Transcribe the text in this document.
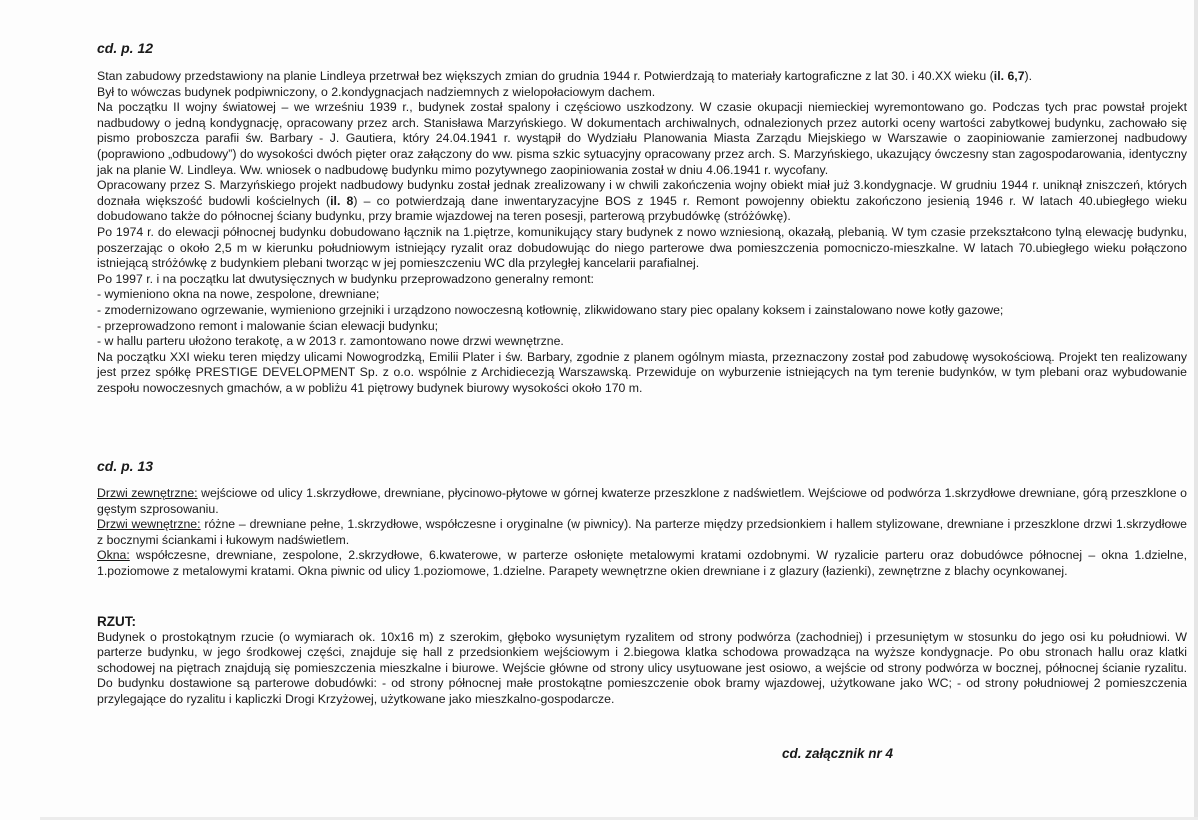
cd. p. 12

Stan zabudowy przedstawiony na planie Lindleya przetrwał bez większych zmian do grudnia 1944 r. Potwierdzają to materiały kartograficzne z lat 30. i 40.XX wieku (il. 6,7).

Był to wówczas budynek podpiwniczony, o 2.kondygnacjach nadziemnych z wielopołaciowym dachem.

Na początku II wojny światowej – we wrześniu 1939 r., budynek został spalony i częściowo uszkodzony. W czasie okupacji niemieckiej wyremontowano go. Podczas tych prac powstał projekt nadbudowy o jedną kondygnację, opracowany przez arch. Stanisława Marzyńskiego. W dokumentach archiwalnych, odnalezionych przez autorki oceny wartości zabytkowej budynku, zachowało się pismo proboszcza parafii św. Barbary - J. Gautiera, który 24.04.1941 r. wystąpił do Wydziału Planowania Miasta Zarządu Miejskiego w Warszawie o zaopiniowanie zamierzonej nadbudowy (poprawiono „odbudowy”) do wysokości dwóch pięter oraz załączony do ww. pisma szkic sytuacyjny opracowany przez arch. S. Marzyńskiego, ukazujący ówczesny stan zagospodarowania, identyczny jak na planie W. Lindleya. Ww. wniosek o nadbudowę budynku mimo pozytywnego zaopiniowania został w dniu 4.06.1941 r. wycofany.

Opracowany przez S. Marzyńskiego projekt nadbudowy budynku został jednak zrealizowany i w chwili zakończenia wojny obiekt miał już 3.kondygnacje. W grudniu 1944 r. uniknął zniszczeń, których doznała większość budowli kościelnych (il. 8) – co potwierdzają dane inwentaryzacyjne BOS z 1945 r. Remont powojenny obiektu zakończono jesienią 1946 r. W latach 40.ubiegłego wieku dobudowano także do północnej ściany budynku, przy bramie wjazdowej na teren posesji, parterową przybudówkę (stróżówkę).

Po 1974 r. do elewacji północnej budynku dobudowano łącznik na 1.piętrze, komunikujący stary budynek z nowo wzniesioną, okazałą, plebanią. W tym czasie przekształcono tylną elewację budynku, poszerzając o około 2,5 m w kierunku południowym istniejący ryzalit oraz dobudowując do niego parterowe dwa pomieszczenia pomocniczo-mieszkalne. W latach 70.ubiegłego wieku połączono istniejącą stróżówkę z budynkiem plebani tworząc w jej pomieszczeniu WC dla przyległej kancelarii parafialnej.

Po 1997 r. i na początku lat dwutysięcznych w budynku przeprowadzono generalny remont:

- wymieniono okna na nowe, zespolone, drewniane;

- zmodernizowano ogrzewanie, wymieniono grzejniki i urządzono nowoczesną kotłownię, zlikwidowano stary piec opalany koksem i zainstalowano nowe kotły gazowe;

- przeprowadzono remont i malowanie ścian elewacji budynku;

- w hallu parteru ułożono terakotę, a w 2013 r. zamontowano nowe drzwi wewnętrzne.

Na początku XXI wieku teren między ulicami Nowogrodzką, Emilii Plater i św. Barbary, zgodnie z planem ogólnym miasta, przeznaczony został pod zabudowę wysokościową. Projekt ten realizowany jest przez spółkę PRESTIGE DEVELOPMENT Sp. z o.o. wspólnie z Archidiecezją Warszawską. Przewiduje on wyburzenie istniejących na tym terenie budynków, w tym plebani oraz wybudowanie zespołu nowoczesnych gmachów, a w pobliżu 41 piętrowy budynek biurowy wysokości około 170 m.

cd. p. 13

Drzwi zewnętrzne: wejściowe od ulicy 1.skrzydłowe, drewniane, płycinowo-płytowe w górnej kwaterze przeszklone z nadświetlem. Wejściowe od podwórza 1.skrzydłowe drewniane, górą przeszklone o gęstym szprosowaniu.

Drzwi wewnętrzne: różne – drewniane pełne, 1.skrzydłowe, współczesne i oryginalne (w piwnicy). Na parterze między przedsionkiem i hallem stylizowane, drewniane i przeszklone drzwi 1.skrzydłowe z bocznymi ściankami i łukowym nadświetlem.

Okna: współczesne, drewniane, zespolone, 2.skrzydłowe, 6.kwaterowe, w parterze osłonięte metalowymi kratami ozdobnymi. W ryzalicie parteru oraz dobudówce północnej – okna 1.dzielne, 1.poziomowe z metalowymi kratami. Okna piwnic od ulicy 1.poziomowe, 1.dzielne. Parapety wewnętrzne okien drewniane i z glazury (łazienki), zewnętrzne z blachy ocynkowanej.

RZUT:

Budynek o prostokątnym rzucie (o wymiarach ok. 10x16 m) z szerokim, głęboko wysuniętym ryzalitem od strony podwórza (zachodniej) i przesuniętym w stosunku do jego osi ku południowi. W parterze budynku, w jego środkowej części, znajduje się hall z przedsionkiem wejściowym i 2.biegowa klatka schodowa prowadząca na wyższe kondygnacje. Po obu stronach hallu oraz klatki schodowej na piętrach znajdują się pomieszczenia mieszkalne i biurowe. Wejście główne od strony ulicy usytuowane jest osiowo, a wejście od strony podwórza w bocznej, północnej ścianie ryzalitu. Do budynku dostawione są parterowe dobudówki: - od strony północnej małe prostokątne pomieszczenie obok bramy wjazdowej, użytkowane jako WC; - od strony południowej 2 pomieszczenia przylegające do ryzalitu i kapliczki Drogi Krzyżowej, użytkowane jako mieszkalno-gospodarcze.

cd. załącznik nr 4
